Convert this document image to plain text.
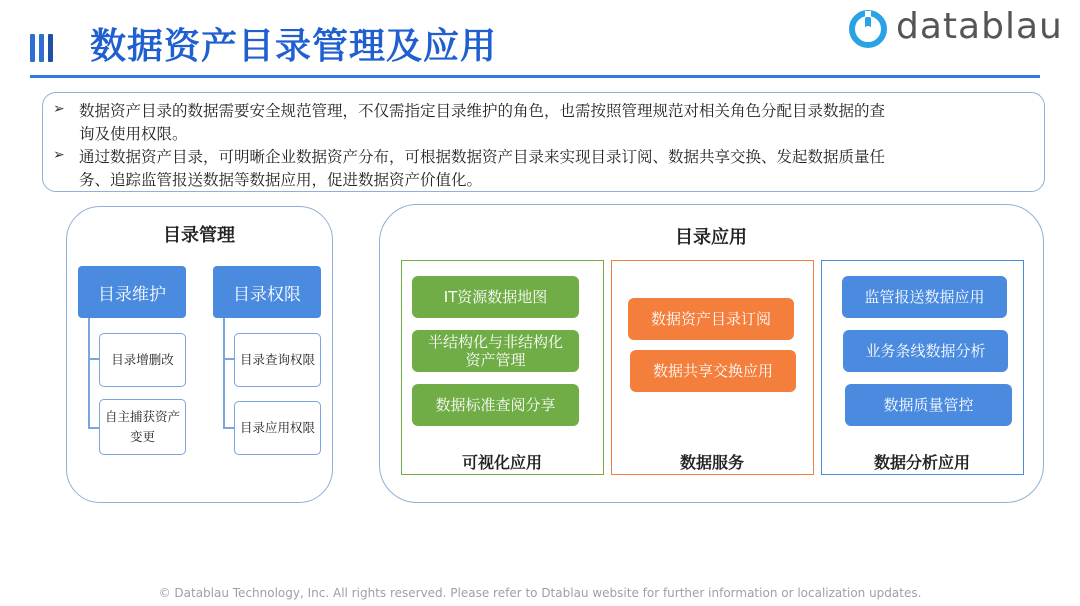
数据资产目录管理及应用	datablau
➢ 数据资产目录的数据需要安全规范管理，不仅需指定目录维护的角色，也需按照管理规范对相关角色分配目录数据的查
询及使用权限。
➢ 通过数据资产目录，可明晰企业数据资产分布，可根据数据资产目录来实现目录订阅、数据共享交换、发起数据质量任
务、追踪监管报送数据等数据应用，促进数据资产价值化。
目录管理
目录维护
目录增删改
自主捕获资产
变更
目录权限
目录查询权限
目录应用权限
目录应用
可视化应用
IT资源数据地图
半结构化与非结构化
资产管理
数据标准查阅分享
数据服务
数据资产目录订阅
数据共享交换应用
数据分析应用
监管报送数据应用
业务条线数据分析
数据质量管控
© Datablau Technology, Inc. All rights reserved. Please refer to Dtablau website for further information or localization updates.
